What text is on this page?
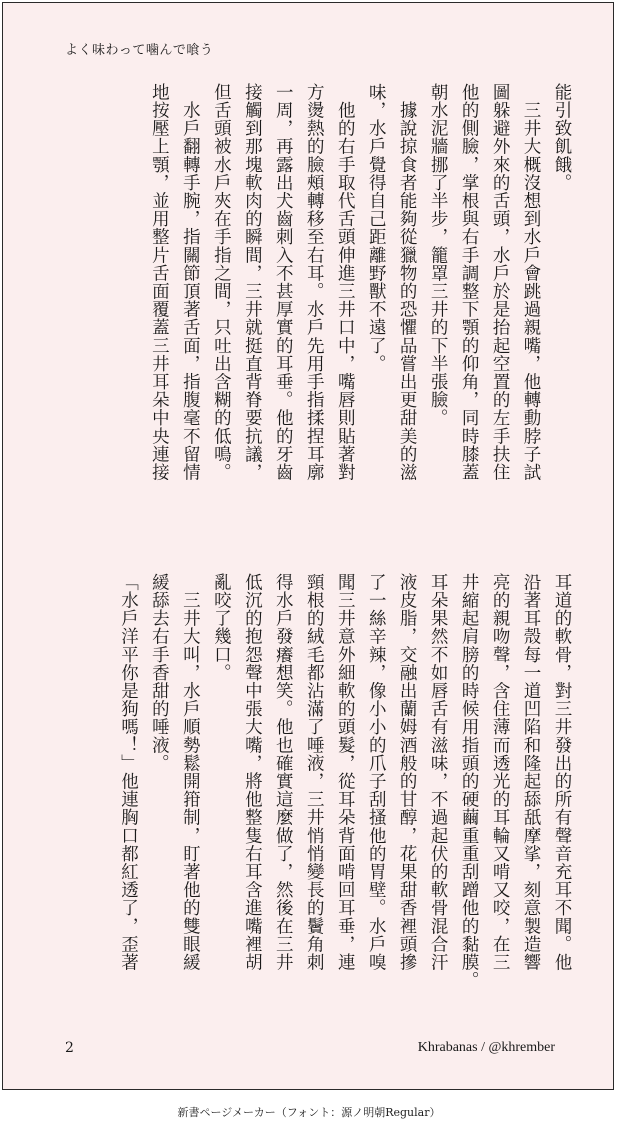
よく味わって噛んで喰う

能引致飢餓。

　三井大概沒想到水戶會跳過親嘴，他轉動脖子試
圖躲避外來的舌頭，水戶於是抬起空置的左手扶住
他的側臉，掌根與右手調整下顎的仰角，同時膝蓋
朝水泥牆挪了半步，籠罩三井的下半張臉。

　據說掠食者能夠從獵物的恐懼品嘗出更甜美的滋
味，水戶覺得自己距離野獸不遠了。

　他的右手取代舌頭伸進三井口中，嘴唇則貼著對
方燙熱的臉頰轉移至右耳。水戶先用手指揉捏耳廓
一周，再露出犬齒刺入不甚厚實的耳垂。他的牙齒
接觸到那塊軟肉的瞬間，三井就挺直背脊要抗議，
但舌頭被水戶夾在手指之間，只吐出含糊的低鳴。

　水戶翻轉手腕，指關節頂著舌面，指腹毫不留情
地按壓上顎，並用整片舌面覆蓋三井耳朵中央連接

耳道的軟骨，對三井發出的所有聲音充耳不聞。他
沿著耳殼每一道凹陷和隆起舔舐摩挲，刻意製造響
亮的親吻聲，含住薄而透光的耳輪又啃又咬，在三
井縮起肩膀的時候用指頭的硬繭重重刮蹭他的黏膜。
耳朵果然不如唇舌有滋味，不過起伏的軟骨混合汗
液皮脂，交融出蘭姆酒般的甘醇，花果甜香裡頭摻
了一絲辛辣，像小小的爪子刮搔他的胃壁。水戶嗅
聞三井意外細軟的頭髮，從耳朵背面啃回耳垂，連
頸根的絨毛都沾滿了唾液，三井悄悄變長的鬢角刺
得水戶發癢想笑。他也確實這麼做了，然後在三井
低沉的抱怨聲中張大嘴，將他整隻右耳含進嘴裡胡
亂咬了幾口。

　三井大叫，水戶順勢鬆開箝制，盯著他的雙眼緩
緩舔去右手香甜的唾液。

「水戶洋平你是狗嗎！」他連胸口都紅透了，歪著

2	Khrabanas / @khrember
新書ページメーカー（フォント：源ノ明朝Regular）
